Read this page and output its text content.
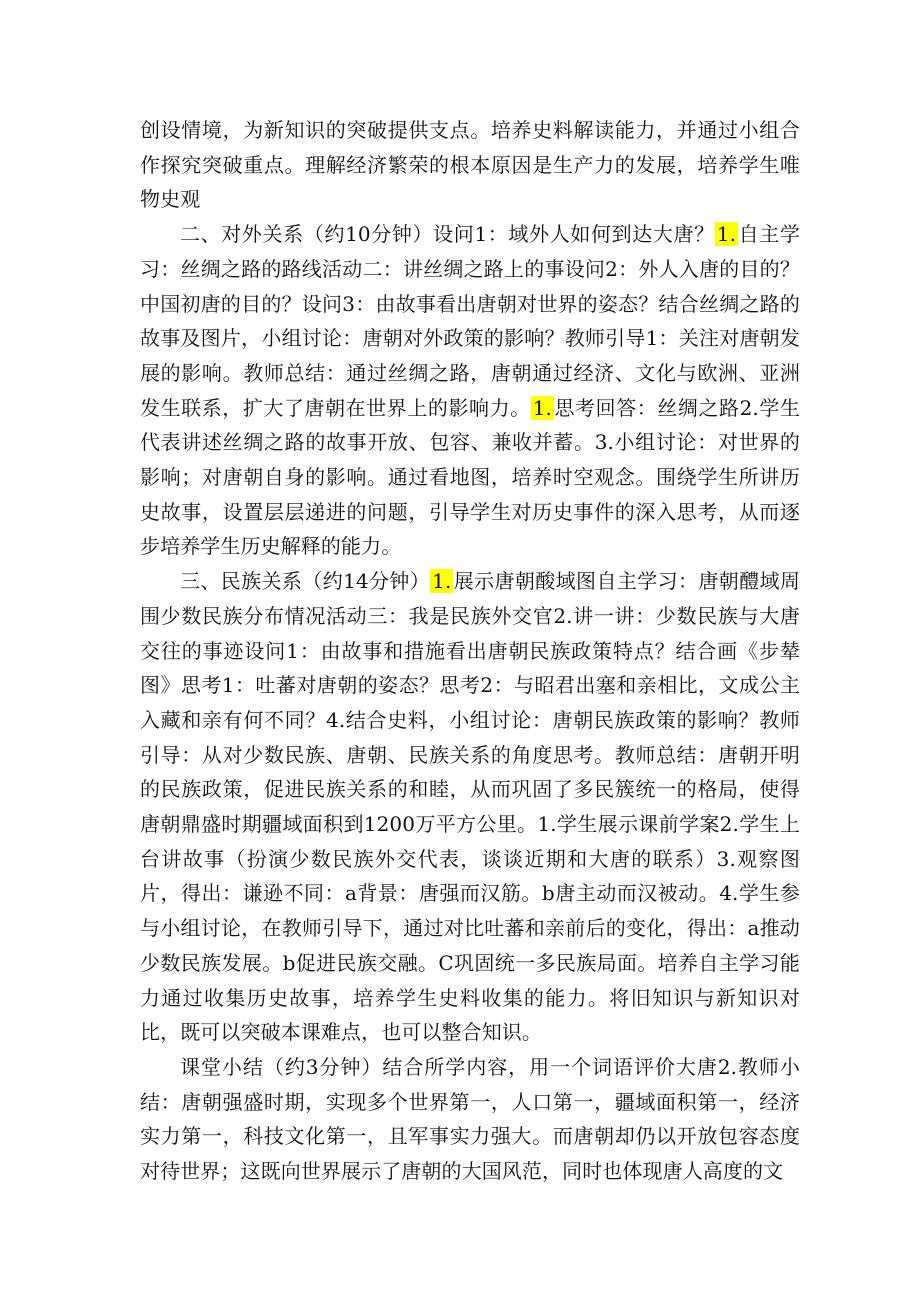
创设情境，为新知识的突破提供支点。培养史料解读能力，并通过小组合作探究突破重点。理解经济繁荣的根本原因是生产力的发展，培养学生唯物史观

二、对外关系（约10分钟）设问1：域外人如何到达大唐？ 1. 自主学习：丝绸之路的路线活动二：讲丝绸之路上的事设问2：外人入唐的目的？中国初唐的目的？设问3：由故事看出唐朝对世界的姿态？结合丝绸之路的故事及图片，小组讨论：唐朝对外政策的影响？教师引导1：关注对唐朝发展的影响。教师总结：通过丝绸之路，唐朝通过经济、文化与欧洲、亚洲发生联系，扩大了唐朝在世界上的影响力。 1. 思考回答：丝绸之路2.学生代表讲述丝绸之路的故事开放、包容、兼收并蓄。3.小组讨论：对世界的影响；对唐朝自身的影响。通过看地图，培养时空观念。围绕学生所讲历史故事，设置层层递进的问题，引导学生对历史事件的深入思考，从而逐步培养学生历史解释的能力。

三、民族关系（约14分钟） 1. 展示唐朝酸域图自主学习：唐朝醴域周围少数民族分布情况活动三：我是民族外交官2.讲一讲：少数民族与大唐交往的事迹设问1：由故事和措施看出唐朝民族政策特点？结合画《步辇图》思考1：吐蕃对唐朝的姿态？思考2：与昭君出塞和亲相比，文成公主入藏和亲有何不同？4.结合史料，小组讨论：唐朝民族政策的影响？教师引导：从对少数民族、唐朝、民族关系的角度思考。教师总结：唐朝开明的民族政策，促进民族关系的和睦，从而巩固了多民簇统一的格局，使得唐朝鼎盛时期疆域面积到1200万平方公里。1.学生展示课前学案2.学生上台讲故事（扮演少数民族外交代表，谈谈近期和大唐的联系）3.观察图片，得出：谦逊不同：a背景：唐强而汉筋。b唐主动而汉被动。4.学生参与小组讨论，在教师引导下，通过对比吐蕃和亲前后的变化，得出：a推动少数民族发展。b促进民族交融。C巩固统一多民族局面。培养自主学习能力通过收集历史故事，培养学生史料收集的能力。将旧知识与新知识对比，既可以突破本课难点，也可以整合知识。

课堂小结（约3分钟）结合所学内容，用一个词语评价大唐2.教师小结：唐朝强盛时期，实现多个世界第一，人口第一，疆域面积第一，经济实力第一，科技文化第一，且军事实力强大。而唐朝却仍以开放包容态度对待世界；这既向世界展示了唐朝的大国风范，同时也体现唐人高度的文
